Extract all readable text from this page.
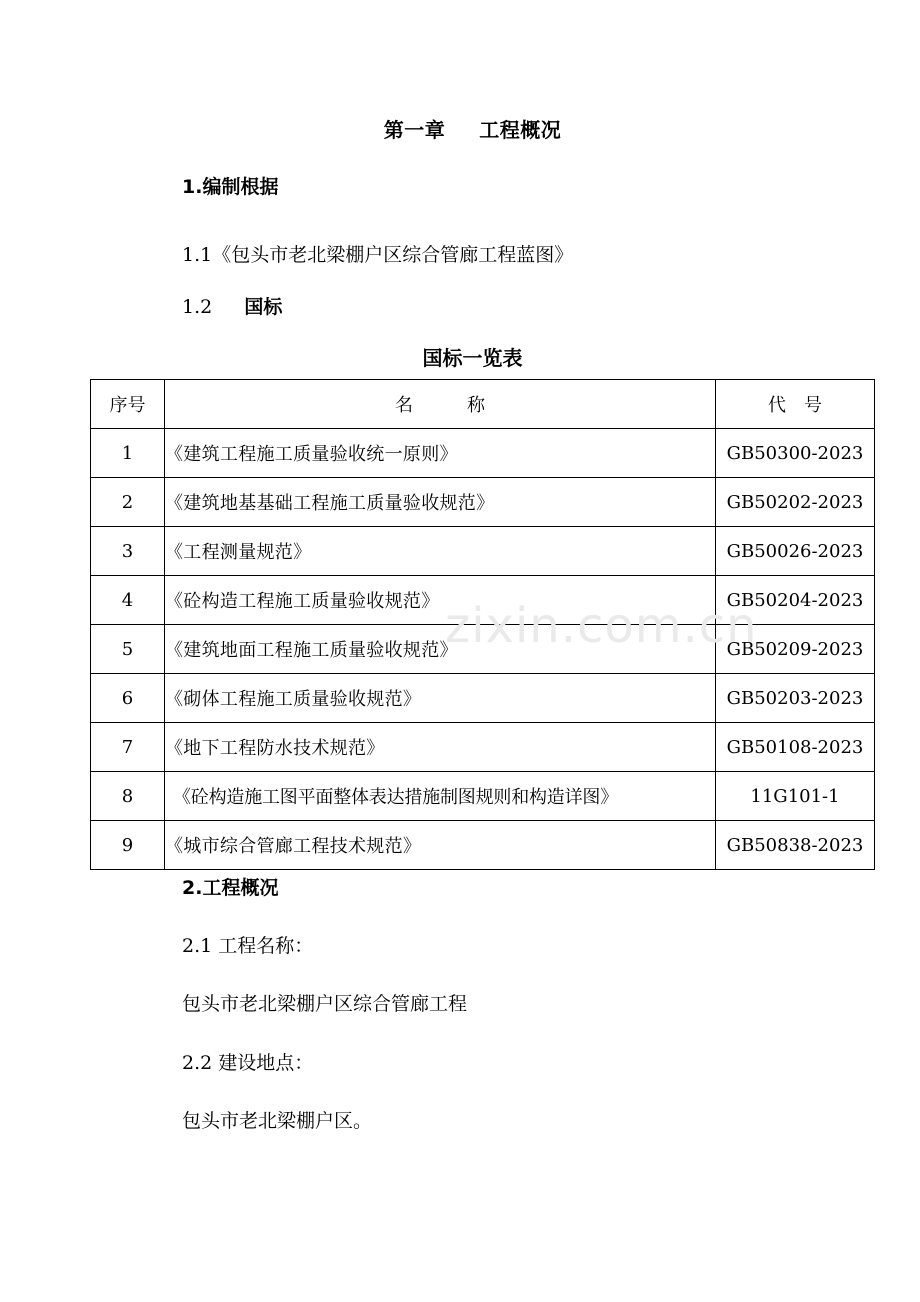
第一章 工程概况
1.编制根据
1.1《包头市老北梁棚户区综合管廊工程蓝图》
1.2 国标
国标一览表
序号	名　　　称	代　号
1	《建筑工程施工质量验收统一原则》	GB50300-2023
2	《建筑地基基础工程施工质量验收规范》	GB50202-2023
3	《工程测量规范》	GB50026-2023
4	《砼构造工程施工质量验收规范》	GB50204-2023
5	《建筑地面工程施工质量验收规范》	GB50209-2023
6	《砌体工程施工质量验收规范》	GB50203-2023
7	《地下工程防水技术规范》	GB50108-2023
8	《砼构造施工图平面整体表达措施制图规则和构造详图》	11G101-1
9	《城市综合管廊工程技术规范》	GB50838-2023
zixin.com.cn
2.工程概况
2.1 工程名称：
包头市老北梁棚户区综合管廊工程
2.2 建设地点：
包头市老北梁棚户区。
